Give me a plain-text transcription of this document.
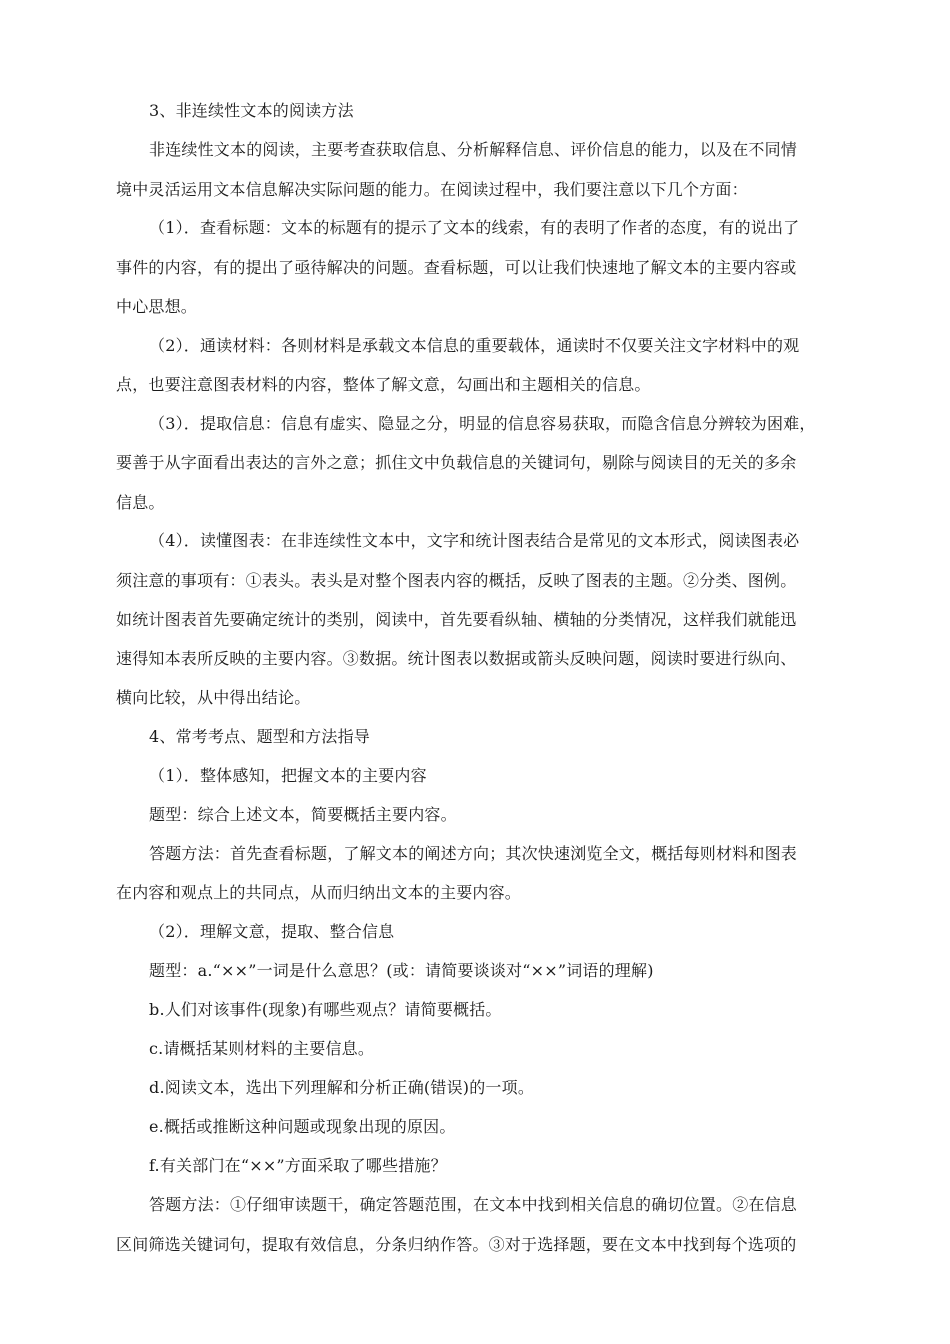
3、非连续性文本的阅读方法
非连续性文本的阅读，主要考查获取信息、分析解释信息、评价信息的能力，以及在不同情
境中灵活运用文本信息解决实际问题的能力。在阅读过程中，我们要注意以下几个方面：
（1）．查看标题：文本的标题有的提示了文本的线索，有的表明了作者的态度，有的说出了
事件的内容，有的提出了亟待解决的问题。查看标题，可以让我们快速地了解文本的主要内容或
中心思想。
（2）．通读材料：各则材料是承载文本信息的重要载体，通读时不仅要关注文字材料中的观
点，也要注意图表材料的内容，整体了解文意，勾画出和主题相关的信息。
（3）．提取信息：信息有虚实、隐显之分，明显的信息容易获取，而隐含信息分辨较为困难，
要善于从字面看出表达的言外之意；抓住文中负载信息的关键词句，剔除与阅读目的无关的多余
信息。
（4）．读懂图表：在非连续性文本中，文字和统计图表结合是常见的文本形式，阅读图表必
须注意的事项有：①表头。表头是对整个图表内容的概括，反映了图表的主题。②分类、图例。
如统计图表首先要确定统计的类别，阅读中，首先要看纵轴、横轴的分类情况，这样我们就能迅
速得知本表所反映的主要内容。③数据。统计图表以数据或箭头反映问题，阅读时要进行纵向、
横向比较，从中得出结论。
4、常考考点、题型和方法指导
（1）．整体感知，把握文本的主要内容
题型：综合上述文本，简要概括主要内容。
答题方法：首先查看标题，了解文本的阐述方向；其次快速浏览全文，概括每则材料和图表
在内容和观点上的共同点，从而归纳出文本的主要内容。
（2）．理解文意，提取、整合信息
题型：a.“××”一词是什么意思？(或：请简要谈谈对“××”词语的理解)
b.人们对该事件(现象)有哪些观点？请简要概括。
c.请概括某则材料的主要信息。
d.阅读文本，选出下列理解和分析正确(错误)的一项。
e.概括或推断这种问题或现象出现的原因。
f.有关部门在“××”方面采取了哪些措施？
答题方法：①仔细审读题干，确定答题范围，在文本中找到相关信息的确切位置。②在信息
区间筛选关键词句，提取有效信息，分条归纳作答。③对于选择题，要在文本中找到每个选项的
